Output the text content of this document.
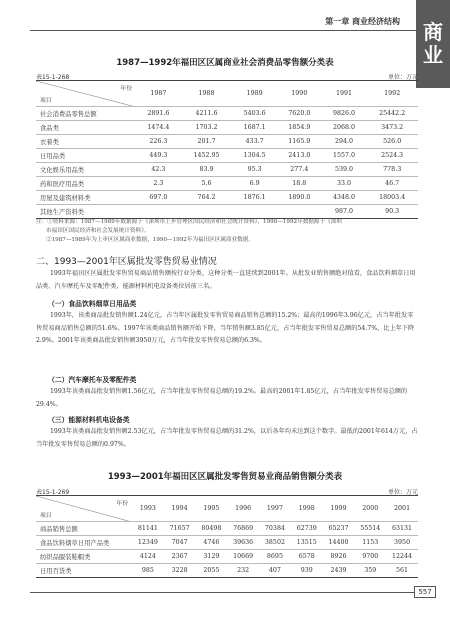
第一章 商业经济结构 商
业
1987—1992年福田区区属商业社会消费品零售额分类表
表15-1-268	单位：万元
年份
项目	1987	1988	1989	1990	1991	1992
社会消费品零售总额	2891.6	4211.6	5403.6	7620.0	9826.0	25442.2
食品类	1474.4	1703.2	1687.1	1854.9	2068.0	3473.2
衣着类	226.3	201.7	433.7	1165.9	294.0	526.0
日用品类	449.3	1452.95	1304.5	2413.0	1557.0	2524.3
文化娱乐用品类	42.3	83.9	95.3	277.4	539.0	778.3
药和医疗用品类	2.3	5.6	6.9	18.8	33.0	46.7
房屋及建筑材料类	697.0	764.2	1876.1	1890.0	4348.0	18003.4
其他生产资料类					987.0	90.3
注：①资料来源：1987—1989年数据源于《深圳市上步管理区国民经济和社会统计资料》，1990—1992年数据源于《深圳
市福田区国民经济和社会发展统计资料》。
②1987—1989年为上步区区属商业数据，1990—1992年为福田区区属商业数据。
二、1993—2001年区属批发零售贸易业情况
1993年福田区区属批发零售贸易商品销售额按行业分类，这种分类一直延续到2001年。从批发业销售额绝对值看，食品饮料烟草日用品类、汽车摩托车及零配件类、能源材料机电设备类位居前三名。
（一）食品饮料烟草日用品类
1993年，该类商品批发销售额1.24亿元，占当年区属批发零售贸易商品销售总额的15.2%；最高的1996年3.96亿元，占当年批发零售贸易商品销售总额的51.6%。1997年该类商品销售额开始下降，当年销售额3.85亿元，占当年批发零售贸易总额的54.7%，比上年下降2.9%。2001年该类商品批发销售额3950万元，占当年批发零售贸易总额的6.3%。
（二）汽车摩托车及零配件类
1993年该类商品批发销售额1.56亿元，占当年批发零售贸易总额的19.2%。最高的2001年1.85亿元，占当年批发零售贸易总额的29.4%。
（三）能源材料机电设备类
1993年该类商品批发销售额2.53亿元，占当年批发零售贸易总额的31.2%，以后各年均未达到这个数字。最低的2001年614万元，占当年批发零售贸易总额的0.97%。
1993—2001年福田区区属批发零售贸易业商品销售额分类表
表15-1-269	单位：万元
年份
项目	1993	1994	1995	1996	1997	1998	1999	2000	2001
商品销售总额	81141	71657	80498	76869	70384	62739	65237	55514	63131
食品饮料烟草日用产品类	12349	7047	4746	39636	38502	13515	14400	1153	3950
纺织品服装鞋帽类	4124	2367	3129	10669	8695	6578	8926	9700	12244
日用百货类	985	3228	2055	232	407	939	2439	359	561
557
